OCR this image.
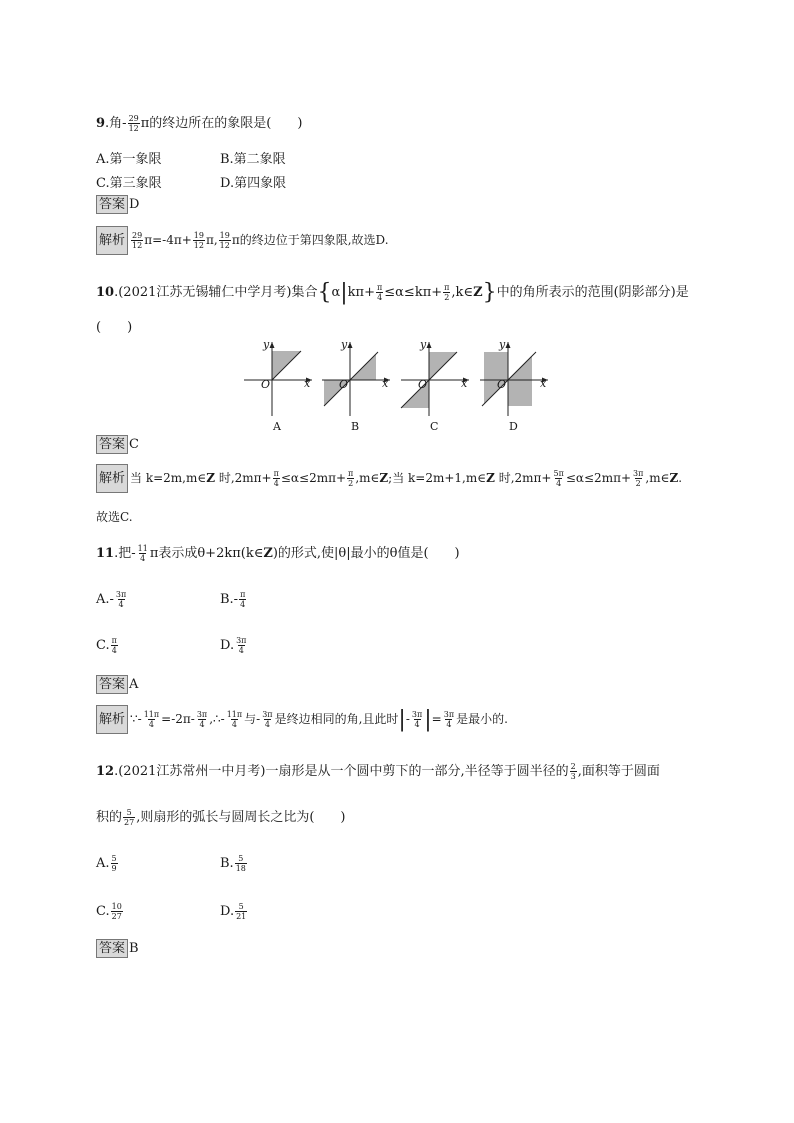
9.角- $\frac{29}{12}$ π的终边所在的象限是(　　)
A.第一象限	B.第二象限
C.第三象限	D.第四象限
答案 D
解析 $\frac{29}{12} \pi=-4\pi+ \frac{19}{12} \pi$, $\frac{19}{12}$ π的终边位于第四象限,故选D.
10.(2021江苏无锡辅仁中学月考)集合{$\alpha|k\pi+ \frac{\pi}{4} \le\alpha\le k\pi+ \frac{\pi}{2}$ ,k∈Z}中的角所表示的范围(阴影部分)是
(　　)
y
x
O
A
y
x
O
B
y
x
O
C
y
x
O
D
答案 C
解析 当 k=2m,m∈Z 时$,2m\pi+ \frac{\pi}{4} \le\alpha\le 2m\pi+ \frac{\pi}{2}$ ,m∈Z;当 k=2m+1,m∈Z 时$,2m\pi+ \frac{5\pi}{4} \le\alpha\le 2m\pi+ \frac{3\pi}{2}$ ,m∈Z.
故选C.
11.把- $\frac{11}{4}$ π表示成θ+2kπ(k∈Z)的形式,使|θ|最小的θ值是(　　)
$A.- \frac{3\pi}{4}$	$B.- \frac{\pi}{4}$
C. $\frac{\pi}{4}$	D. $\frac{3\pi}{4}$
答案 A
解析 ∵- $\frac{11\pi}{4} =-2\pi- \frac{3\pi}{4}$ ,∴- $\frac{11\pi}{4}$ 与- $\frac{3\pi}{4}$ 是终边相同的角,且此时|- $\frac{3\pi}{4}$ |= $\frac{3\pi}{4}$ 是最小的.
12.(2021江苏常州一中月考)一扇形是从一个圆中剪下的一部分,半径等于圆半径的 $\frac{2}{3}$ ,面积等于圆面
积的 $\frac{5}{27}$ ,则扇形的弧长与圆周长之比为(　　)
A. $\frac{5}{9}$	B. $\frac{5}{18}$
C. $\frac{10}{27}$	D. $\frac{5}{21}$
答案 B
